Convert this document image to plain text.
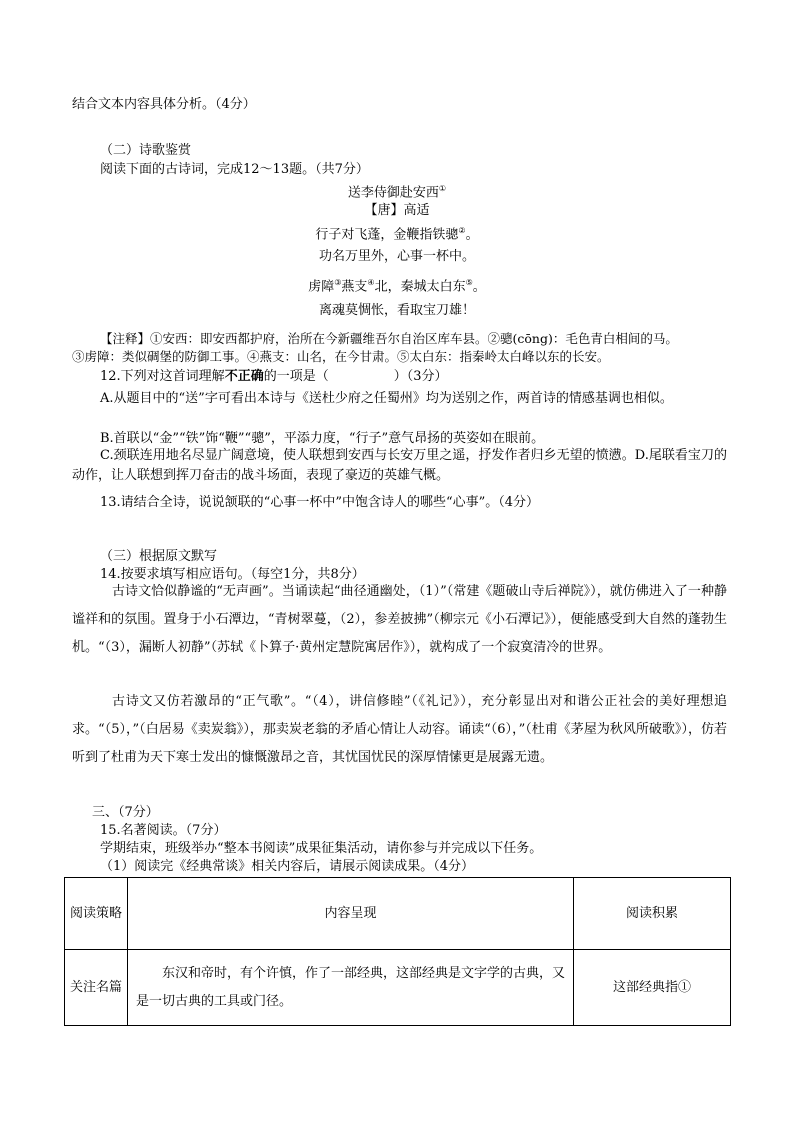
结合文本内容具体分析。（4分）
（二）诗歌鉴赏
阅读下面的古诗词，完成12～13题。（共7分）
送李侍御赴安西①
【唐】高适
行子对飞蓬，金鞭指铁骢②。
功名万里外，心事一杯中。
虏障③燕支④北，秦城太白东⑤。
离魂莫惆怅，看取宝刀雄！
【注释】①安西：即安西都护府，治所在今新疆维吾尔自治区库车县。②骢(cōng)：毛色青白相间的马。
③虏障：类似碉堡的防御工事。④燕支：山名，在今甘肃。⑤太白东：指秦岭太白峰以东的长安。
12.下列对这首词理解不正确的一项是（　　　　　）（3分）
A.从题目中的“送”字可看出本诗与《送杜少府之任蜀州》均为送别之作，两首诗的情感基调也相似。
B.首联以“金”“铁”饰“鞭”“骢”，平添力度，“行子”意气昂扬的英姿如在眼前。
C.颈联连用地名尽显广阔意境，使人联想到安西与长安万里之遥，抒发作者归乡无望的愤懑。D.尾联看宝刀的动作，让人联想到挥刀奋击的战斗场面，表现了豪迈的英雄气概。
13.请结合全诗，说说颔联的“心事一杯中”中饱含诗人的哪些“心事”。（4分）
（三）根据原文默写
14.按要求填写相应语句。（每空1分，共8分）
古诗文恰似静谧的“无声画”。当诵读起“曲径通幽处，（1）”（常建《题破山寺后禅院》），就仿佛进入了一种静谧祥和的氛围。置身于小石潭边，“青树翠蔓，（2），参差披拂”（柳宗元《小石潭记》），便能感受到大自然的蓬勃生机。“（3），漏断人初静”（苏轼《卜算子·黄州定慧院寓居作》），就构成了一个寂寞清冷的世界。
古诗文又仿若激昂的“正气歌”。“（4），讲信修睦”（《礼记》），充分彰显出对和谐公正社会的美好理想追求。“（5），”（白居易《卖炭翁》），那卖炭老翁的矛盾心情让人动容。诵读“（6），”（杜甫《茅屋为秋风所破歌》），仿若听到了杜甫为天下寒士发出的慷慨激昂之音，其忧国忧民的深厚情愫更是展露无遗。
三、（7分）
15.名著阅读。（7分）
学期结束，班级举办“整本书阅读”成果征集活动，请你参与并完成以下任务。
（1）阅读完《经典常谈》相关内容后，请展示阅读成果。（4分）
阅读策略	内容呈现	阅读积累
关注名篇	东汉和帝时，有个许慎，作了一部经典，这部经典是文字学的古典，又是一切古典的工具或门径。	这部经典指①
